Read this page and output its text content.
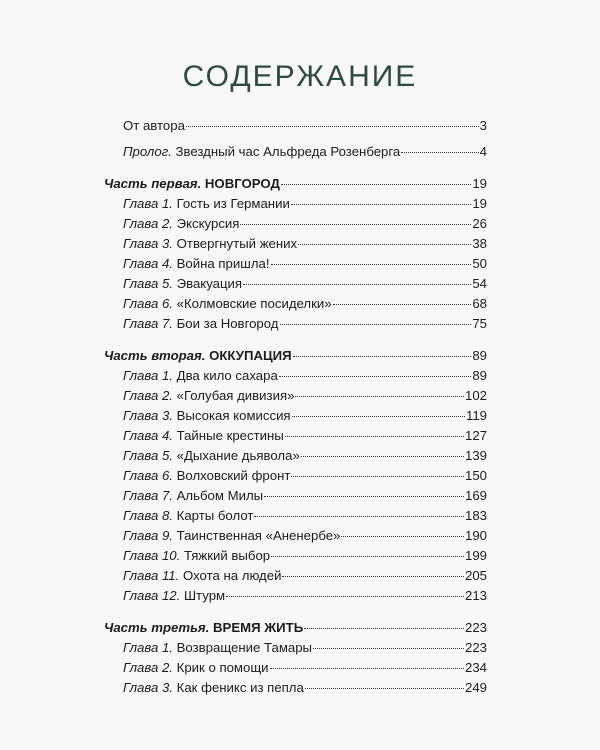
СОДЕРЖАНИЕ
От автора	3
Пролог. Звездный час Альфреда Розенберга	4
Часть первая. НОВГОРОД	19
Глава 1. Гость из Германии	19
Глава 2. Экскурсия	26
Глава 3. Отвергнутый жених	38
Глава 4. Война пришла!	50
Глава 5. Эвакуация	54
Глава 6. «Колмовские посиделки»	68
Глава 7. Бои за Новгород	75
Часть вторая. ОККУПАЦИЯ	89
Глава 1. Два кило сахара	89
Глава 2. «Голубая дивизия»	102
Глава 3. Высокая комиссия	119
Глава 4. Тайные крестины	127
Глава 5. «Дыхание дьявола»	139
Глава 6. Волховский фронт	150
Глава 7. Альбом Милы	169
Глава 8. Карты болот	183
Глава 9. Таинственная «Аненербе»	190
Глава 10. Тяжкий выбор	199
Глава 11. Охота на людей	205
Глава 12. Штурм	213
Часть третья. ВРЕМЯ ЖИТЬ	223
Глава 1. Возвращение Тамары	223
Глава 2. Крик о помощи	234
Глава 3. Как феникс из пепла	249
